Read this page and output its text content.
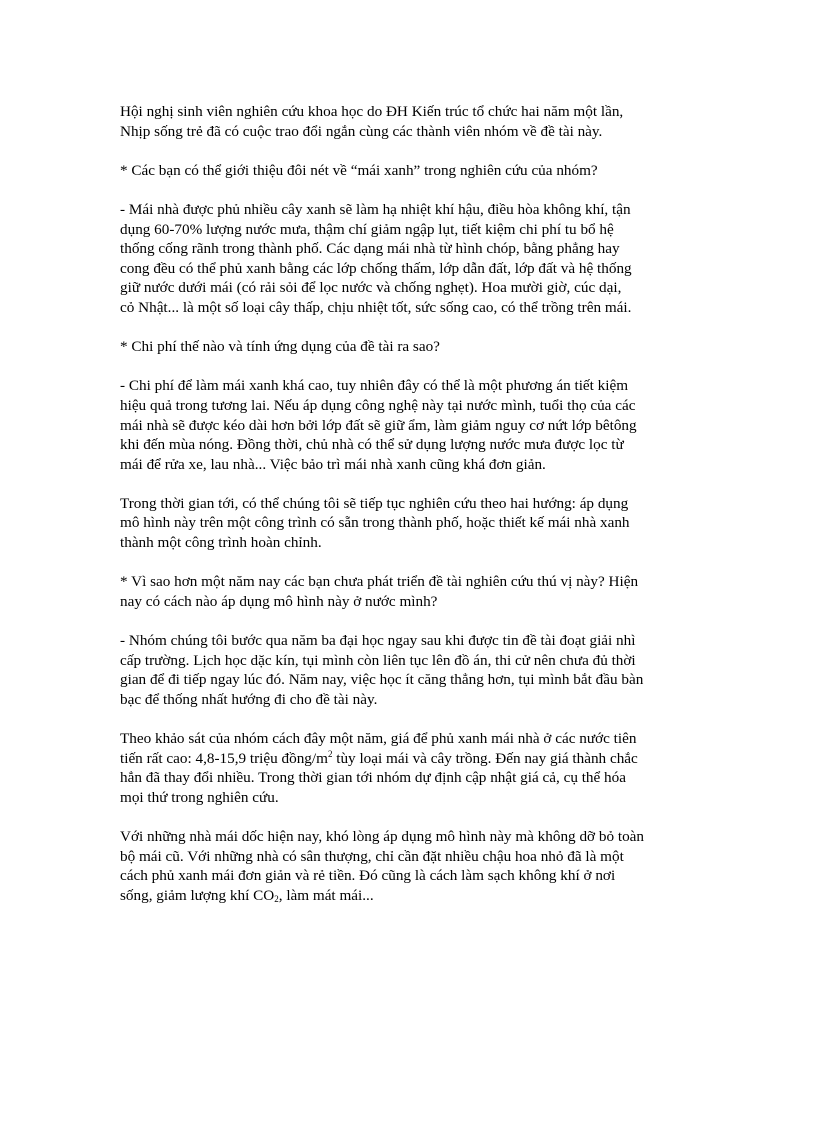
Hội nghị sinh viên nghiên cứu khoa học do ĐH Kiến trúc tổ chức hai năm một lần,
Nhịp sống trẻ đã có cuộc trao đổi ngắn cùng các thành viên nhóm về đề tài này.

* Các bạn có thể giới thiệu đôi nét về “mái xanh” trong nghiên cứu của nhóm?

- Mái nhà được phủ nhiều cây xanh sẽ làm hạ nhiệt khí hậu, điều hòa không khí, tận
dụng 60-70% lượng nước mưa, thậm chí giảm ngập lụt, tiết kiệm chi phí tu bổ hệ
thống cống rãnh trong thành phố. Các dạng mái nhà từ hình chóp, bằng phẳng hay
cong đều có thể phủ xanh bằng các lớp chống thấm, lớp dẫn đất, lớp đất và hệ thống
giữ nước dưới mái (có rải sỏi để lọc nước và chống nghẹt). Hoa mười giờ, cúc dại,
cỏ Nhật... là một số loại cây thấp, chịu nhiệt tốt, sức sống cao, có thể trồng trên mái.

* Chi phí thế nào và tính ứng dụng của đề tài ra sao?

- Chi phí để làm mái xanh khá cao, tuy nhiên đây có thể là một phương án tiết kiệm
hiệu quả trong tương lai. Nếu áp dụng công nghệ này tại nước mình, tuổi thọ của các
mái nhà sẽ được kéo dài hơn bởi lớp đất sẽ giữ ẩm, làm giảm nguy cơ nứt lớp bêtông
khi đến mùa nóng. Đồng thời, chủ nhà có thể sử dụng lượng nước mưa được lọc từ
mái để rửa xe, lau nhà... Việc bảo trì mái nhà xanh cũng khá đơn giản.

Trong thời gian tới, có thể chúng tôi sẽ tiếp tục nghiên cứu theo hai hướng: áp dụng
mô hình này trên một công trình có sẵn trong thành phố, hoặc thiết kế mái nhà xanh
thành một công trình hoàn chỉnh.

* Vì sao hơn một năm nay các bạn chưa phát triển đề tài nghiên cứu thú vị này? Hiện
nay có cách nào áp dụng mô hình này ở nước mình?

- Nhóm chúng tôi bước qua năm ba đại học ngay sau khi được tin đề tài đoạt giải nhì
cấp trường. Lịch học dặc kín, tụi mình còn liên tục lên đồ án, thi cử nên chưa đủ thời
gian để đi tiếp ngay lúc đó. Năm nay, việc học ít căng thẳng hơn, tụi mình bắt đầu bàn
bạc để thống nhất hướng đi cho đề tài này.

Theo khảo sát của nhóm cách đây một năm, giá để phủ xanh mái nhà ở các nước tiên
tiến rất cao: 4,8-15,9 triệu đồng/$m^2$ tùy loại mái và cây trồng. Đến nay giá thành chắc
hẳn đã thay đổi nhiều. Trong thời gian tới nhóm dự định cập nhật giá cả, cụ thể hóa
mọi thứ trong nghiên cứu.

Với những nhà mái dốc hiện nay, khó lòng áp dụng mô hình này mà không dỡ bỏ toàn
bộ mái cũ. Với những nhà có sân thượng, chỉ cần đặt nhiều chậu hoa nhỏ đã là một
cách phủ xanh mái đơn giản và rẻ tiền. Đó cũng là cách làm sạch không khí ở nơi
sống, giảm lượng khí $CO_2$, làm mát mái...
